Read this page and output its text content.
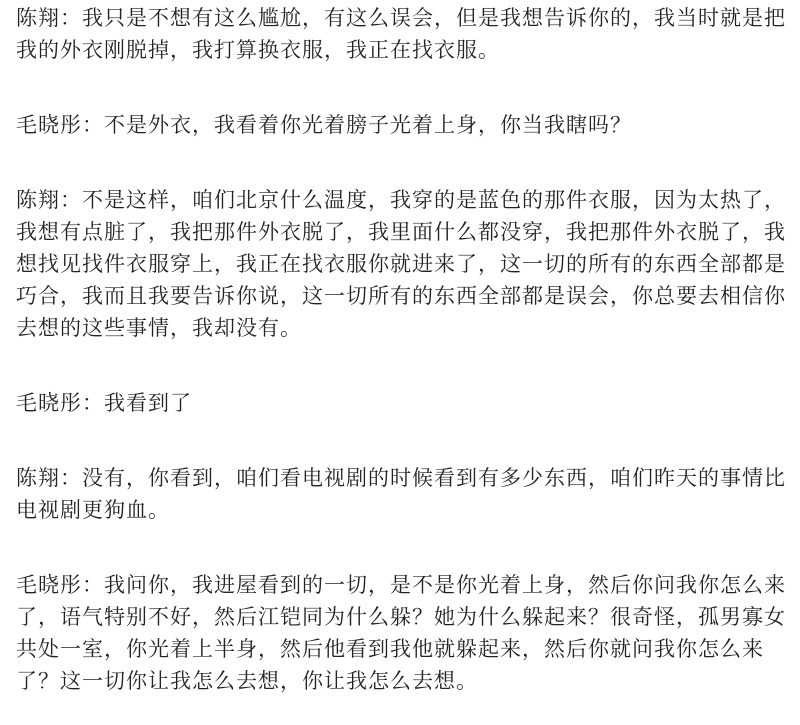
陈翔：我只是不想有这么尴尬，有这么误会，但是我想告诉你的，我当时就是把我的外衣刚脱掉，我打算换衣服，我正在找衣服。

毛晓彤：不是外衣，我看着你光着膀子光着上身，你当我瞎吗？

陈翔：不是这样，咱们北京什么温度，我穿的是蓝色的那件衣服，因为太热了，我想有点脏了，我把那件外衣脱了，我里面什么都没穿，我把那件外衣脱了，我想找见找件衣服穿上，我正在找衣服你就进来了，这一切的所有的东西全部都是巧合，我而且我要告诉你说，这一切所有的东西全部都是误会，你总要去相信你去想的这些事情，我却没有。

毛晓彤：我看到了

陈翔：没有，你看到，咱们看电视剧的时候看到有多少东西，咱们昨天的事情比电视剧更狗血。

毛晓彤：我问你，我进屋看到的一切，是不是你光着上身，然后你问我你怎么来了，语气特别不好，然后江铠同为什么躲？她为什么躲起来？很奇怪，孤男寡女共处一室，你光着上半身，然后他看到我他就躲起来，然后你就问我你怎么来了？这一切你让我怎么去想，你让我怎么去想。
